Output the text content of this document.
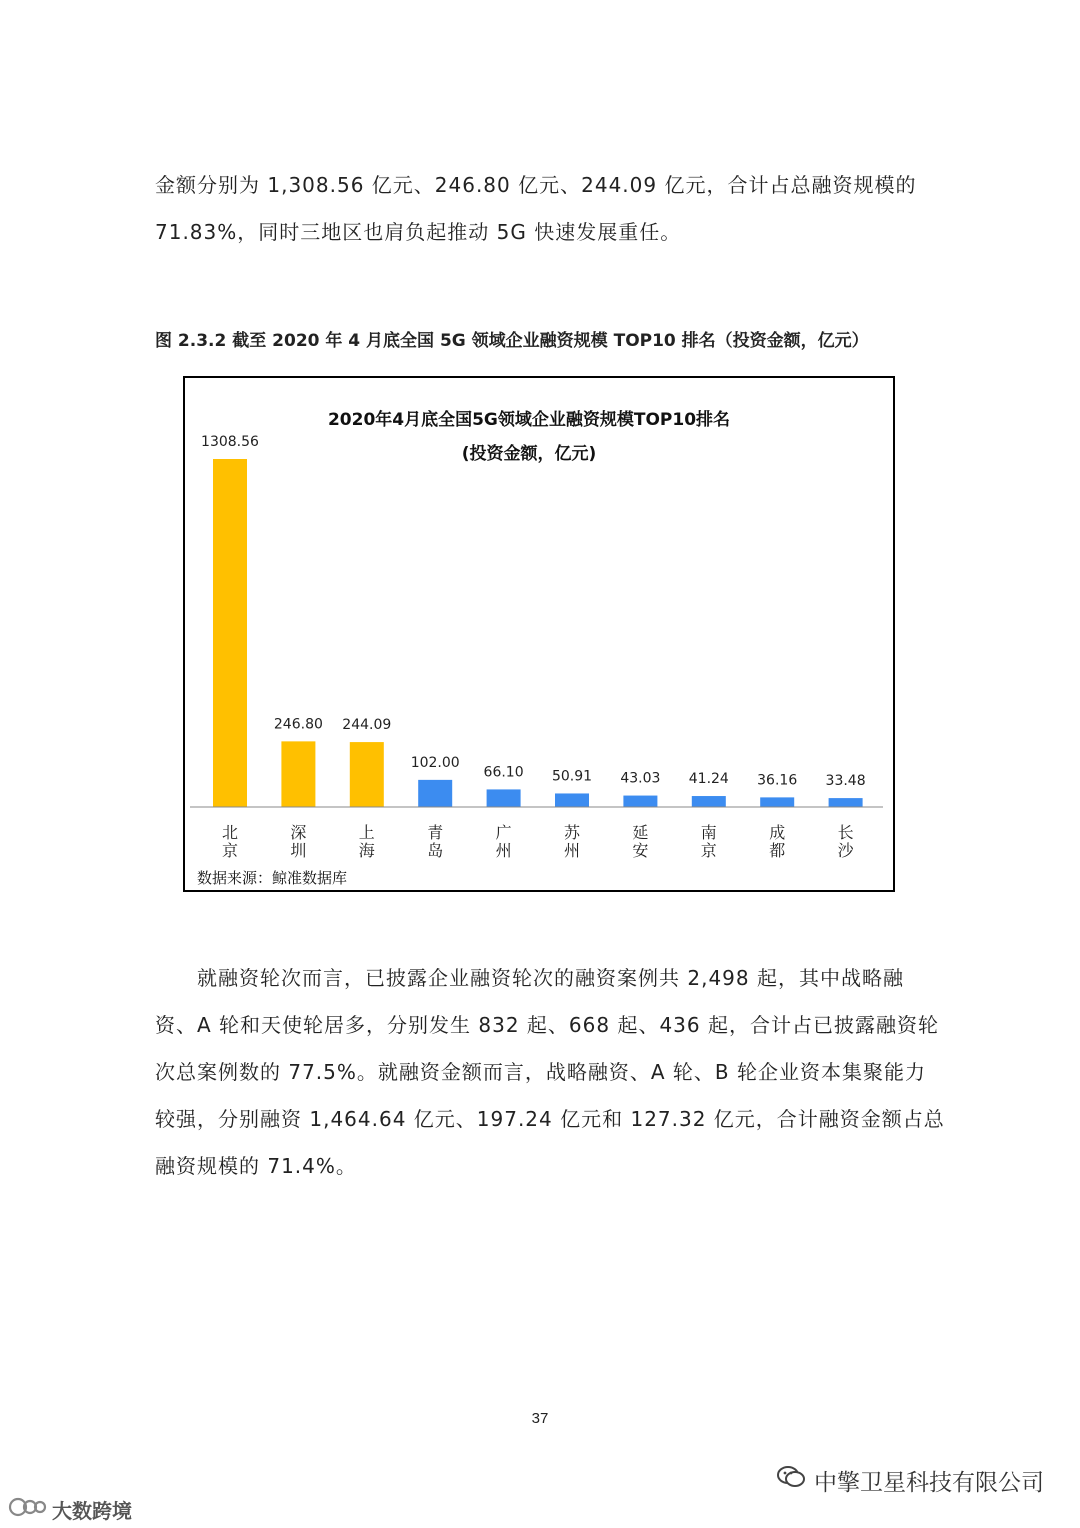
金额分别为 1,308.56 亿元、246.80 亿元、244.09 亿元，合计占总融资规模的
71.83%，同时三地区也肩负起推动 5G 快速发展重任。
图 2.3.2 截至 2020 年 4 月底全国 5G 领域企业融资规模 TOP10 排名（投资金额，亿元）
2020年4月底全国5G领域企业融资规模TOP10排名
(投资金额，亿元)
1308.56
北京
246.80
深圳
244.09
上海
102.00
青岛
66.10
广州
50.91
苏州
43.03
延安
41.24
南京
36.16
成都
33.48
长沙
数据来源：鲸准数据库
就融资轮次而言，已披露企业融资轮次的融资案例共 2,498 起，其中战略融
资、A 轮和天使轮居多，分别发生 832 起、668 起、436 起，合计占已披露融资轮
次总案例数的 77.5%。就融资金额而言，战略融资、A 轮、B 轮企业资本集聚能力
较强，分别融资 1,464.64 亿元、197.24 亿元和 127.32 亿元，合计融资金额占总
融资规模的 71.4%。
37
中擎卫星科技有限公司
大数跨境
